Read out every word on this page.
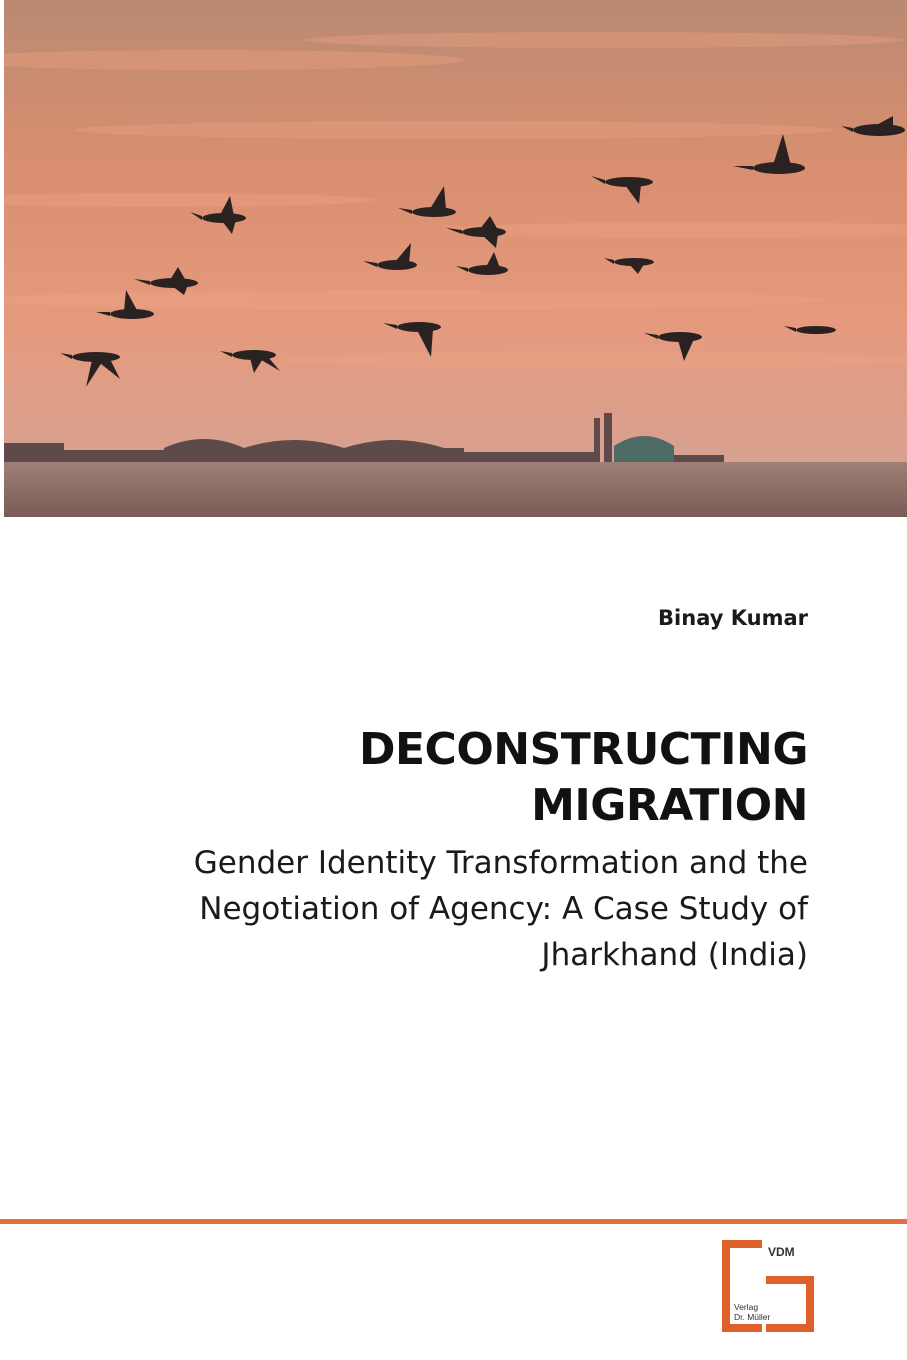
Binay Kumar
DECONSTRUCTING
MIGRATION
Gender Identity Transformation and the
Negotiation of Agency: A Case Study of
Jharkhand (India)
VDM
Verlag
Dr. Müller
